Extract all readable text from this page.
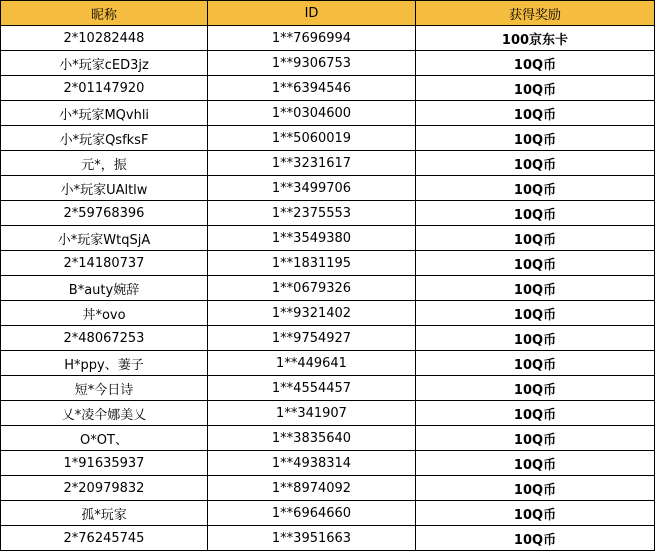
昵称	ID	获得奖励
2*10282448	1**7696994	100京东卡
小*玩家cED3jz	1**9306753	10Q币
2*01147920	1**6394546	10Q币
小*玩家MQvhli	1**0304600	10Q币
小*玩家QsfksF	1**5060019	10Q币
元*，振	1**3231617	10Q币
小*玩家UAltlw	1**3499706	10Q币
2*59768396	1**2375553	10Q币
小*玩家WtqSjA	1**3549380	10Q币
2*14180737	1**1831195	10Q币
B*auty婉辞	1**0679326	10Q币
丼*ovo	1**9321402	10Q币
2*48067253	1**9754927	10Q币
H*ppy、萋子	1**449641	10Q币
短*今日诗	1**4554457	10Q币
乂*凌仐娜美乂	1**341907	10Q币
O*OT、	1**3835640	10Q币
1*91635937	1**4938314	10Q币
2*20979832	1**8974092	10Q币
孤*玩家	1**6964660	10Q币
2*76245745	1**3951663	10Q币
